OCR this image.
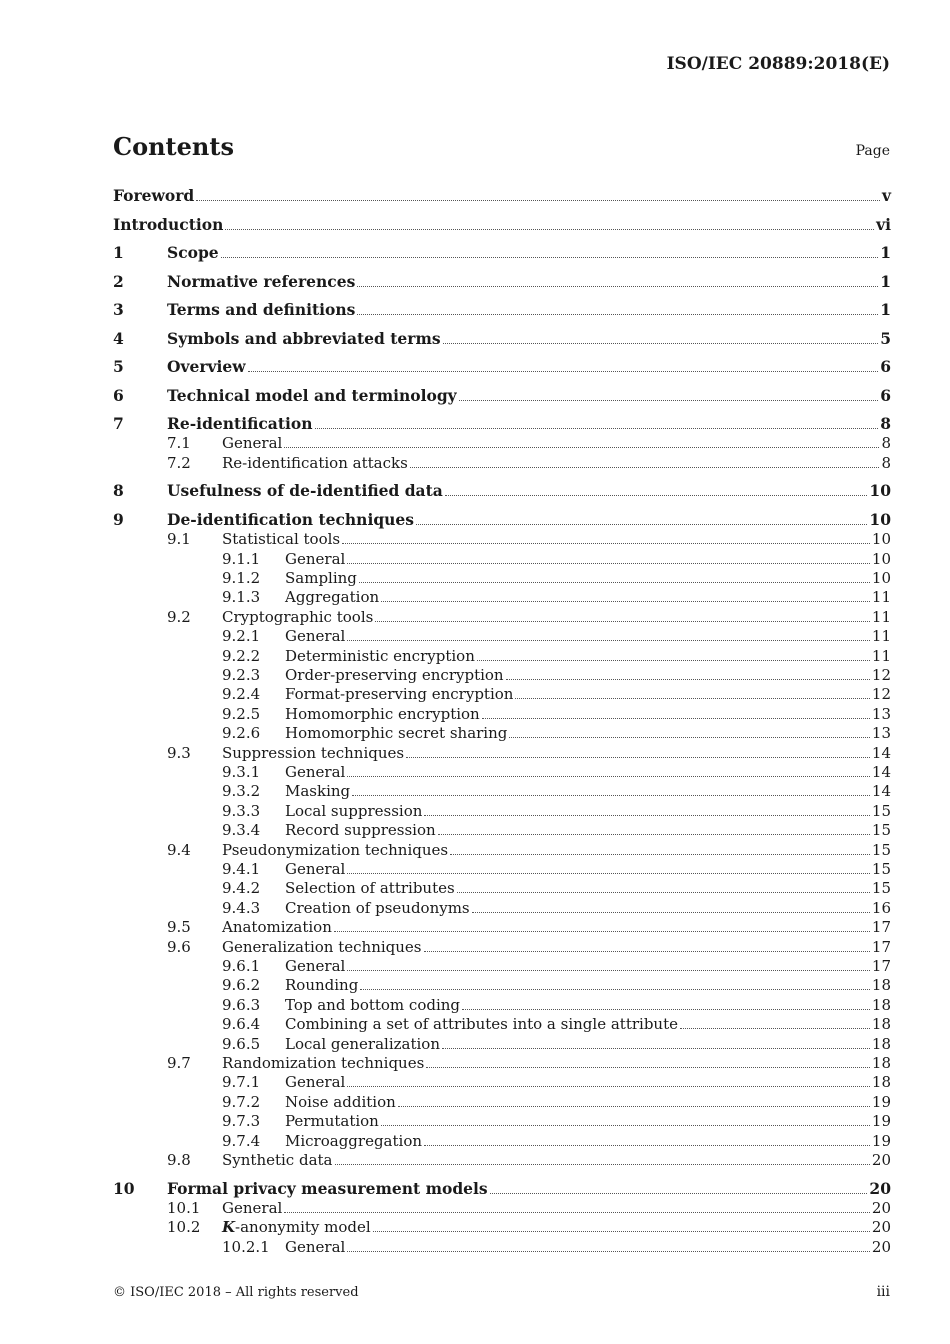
ISO/IEC 20889:2018(E)
Contents	Page
Foreword	v
Introduction	vi
1	Scope	1
2	Normative references	1
3	Terms and definitions	1
4	Symbols and abbreviated terms	5
5	Overview	6
6	Technical model and terminology	6
7	Re-identification	8
7.1 General	8
7.2 Re-identification attacks	8
8	Usefulness of de-identified data	10
9	De-identification techniques	10
9.1 Statistical tools	10
9.1.1 General	10
9.1.2 Sampling	10
9.1.3 Aggregation	11
9.2 Cryptographic tools	11
9.2.1 General	11
9.2.2 Deterministic encryption	11
9.2.3 Order-preserving encryption	12
9.2.4 Format-preserving encryption	12
9.2.5 Homomorphic encryption	13
9.2.6 Homomorphic secret sharing	13
9.3 Suppression techniques	14
9.3.1 General	14
9.3.2 Masking	14
9.3.3 Local suppression	15
9.3.4 Record suppression	15
9.4 Pseudonymization techniques	15
9.4.1 General	15
9.4.2 Selection of attributes	15
9.4.3 Creation of pseudonyms	16
9.5 Anatomization	17
9.6 Generalization techniques	17
9.6.1 General	17
9.6.2 Rounding	18
9.6.3 Top and bottom coding	18
9.6.4 Combining a set of attributes into a single attribute	18
9.6.5 Local generalization	18
9.7 Randomization techniques	18
9.7.1 General	18
9.7.2 Noise addition	19
9.7.3 Permutation	19
9.7.4 Microaggregation	19
9.8 Synthetic data	20
10 Formal privacy measurement models	20
10.1 General	20
10.2 K-anonymity model	20
10.2.1 General	20
© ISO/IEC 2018 – All rights reserved	iii
